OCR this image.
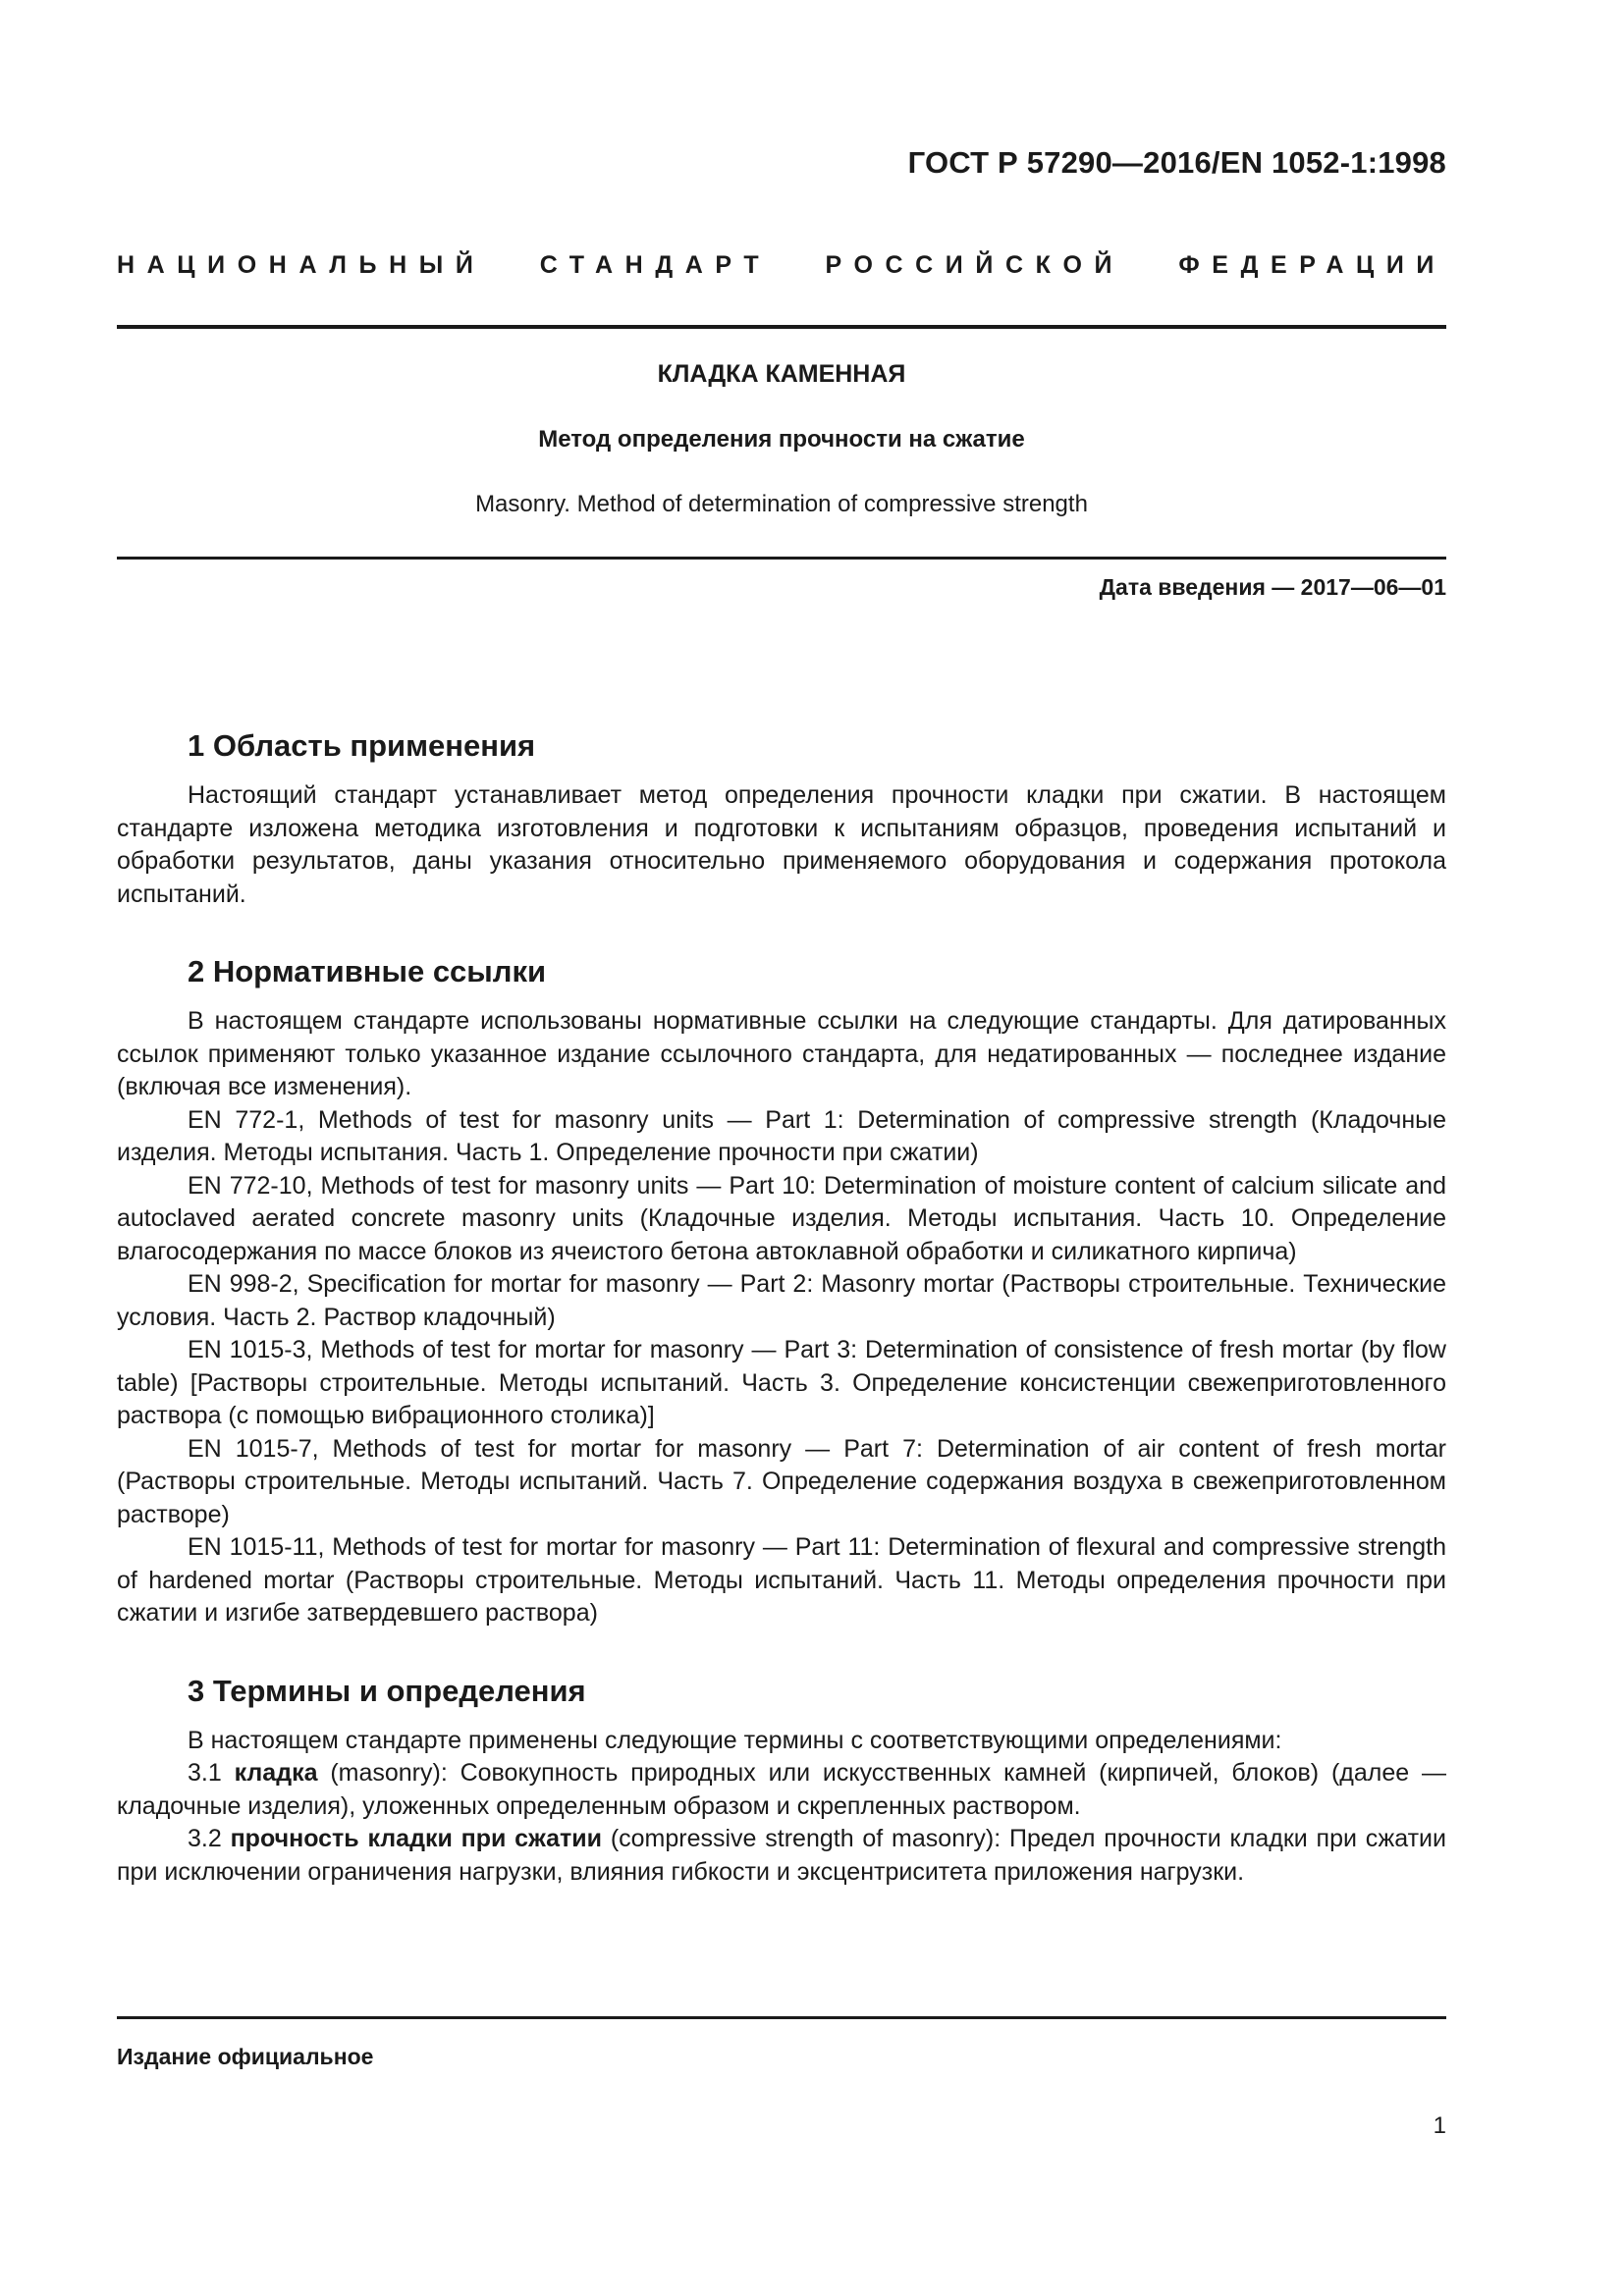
ГОСТ Р 57290—2016/EN 1052-1:1998
НАЦИОНАЛЬНЫЙ СТАНДАРТ РОССИЙСКОЙ ФЕДЕРАЦИИ
КЛАДКА КАМЕННАЯ
Метод определения прочности на сжатие
Masonry. Method of determination of compressive strength
Дата введения — 2017—06—01
1 Область применения

Настоящий стандарт устанавливает метод определения прочности кладки при сжатии. В настоящем стандарте изложена методика изготовления и подготовки к испытаниям образцов, проведения испытаний и обработки результатов, даны указания относительно применяемого оборудования и содержания протокола испытаний.

2 Нормативные ссылки

В настоящем стандарте использованы нормативные ссылки на следующие стандарты. Для датированных ссылок применяют только указанное издание ссылочного стандарта, для недатированных — последнее издание (включая все изменения).

EN 772-1, Methods of test for masonry units — Part 1: Determination of compressive strength (Кладочные изделия. Методы испытания. Часть 1. Определение прочности при сжатии)

EN 772-10, Methods of test for masonry units — Part 10: Determination of moisture content of calcium silicate and autoclaved aerated concrete masonry units (Кладочные изделия. Методы испытания. Часть 10. Определение влагосодержания по массе блоков из ячеистого бетона автоклавной обработки и силикатного кирпича)

EN 998-2, Specification for mortar for masonry — Part 2: Masonry mortar (Растворы строительные. Технические условия. Часть 2. Раствор кладочный)

EN 1015-3, Methods of test for mortar for masonry — Part 3: Determination of consistence of fresh mortar (by flow table) [Растворы строительные. Методы испытаний. Часть 3. Определение консистенции свежеприготовленного раствора (с помощью вибрационного столика)]

EN 1015-7, Methods of test for mortar for masonry — Part 7: Determination of air content of fresh mortar (Растворы строительные. Методы испытаний. Часть 7. Определение содержания воздуха в свежеприготовленном растворе)

EN 1015-11, Methods of test for mortar for masonry — Part 11: Determination of flexural and compressive strength of hardened mortar (Растворы строительные. Методы испытаний. Часть 11. Методы определения прочности при сжатии и изгибе затвердевшего раствора)

3 Термины и определения

В настоящем стандарте применены следующие термины с соответствующими определениями:

3.1 кладка (masonry): Совокупность природных или искусственных камней (кирпичей, блоков) (далее — кладочные изделия), уложенных определенным образом и скрепленных раствором.

3.2 прочность кладки при сжатии (compressive strength of masonry): Предел прочности кладки при сжатии при исключении ограничения нагрузки, влияния гибкости и эксцентриситета приложения нагрузки.

Издание официальное
1
